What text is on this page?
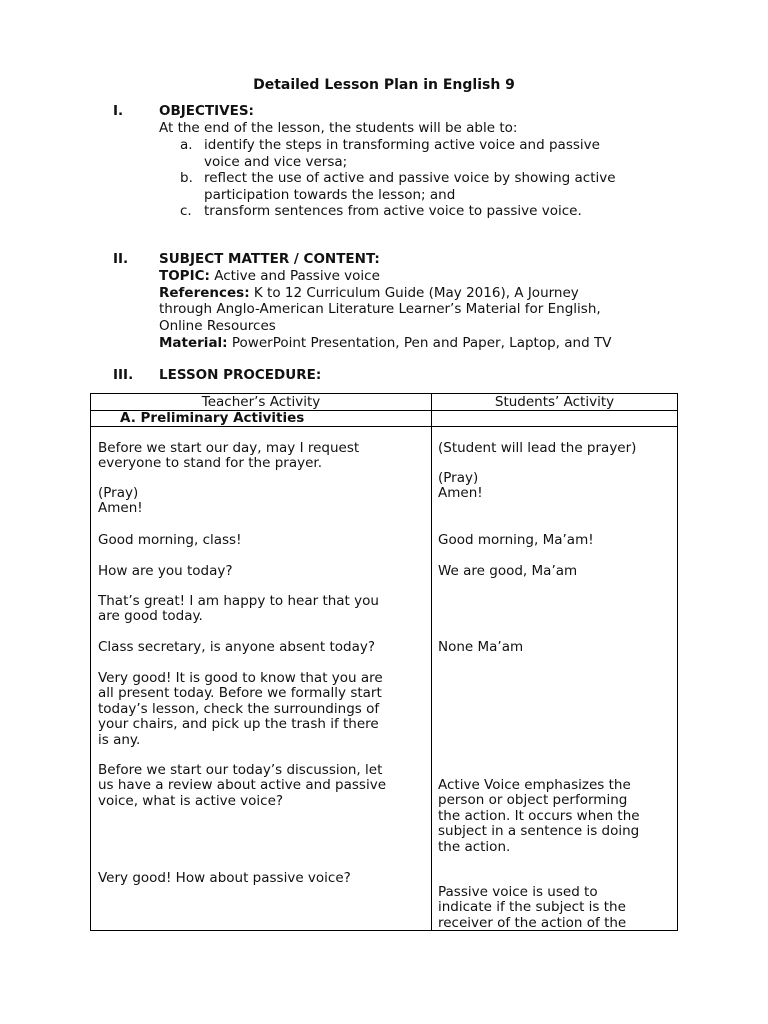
Detailed Lesson Plan in English 9
I.	OBJECTIVES:
At the end of the lesson, the students will be able to:
a. identify the steps in transforming active voice and passive
voice and vice versa;
b. reflect the use of active and passive voice by showing active
participation towards the lesson; and
c. transform sentences from active voice to passive voice.
II. SUBJECT MATTER / CONTENT:
TOPIC: Active and Passive voice
References: K to 12 Curriculum Guide (May 2016), A Journey
through Anglo-American Literature Learner’s Material for English,
Online Resources
Material: PowerPoint Presentation, Pen and Paper, Laptop, and TV
III. LESSON PROCEDURE:
Teacher’s Activity	Students’ Activity
A. Preliminary Activities
Before we start our day, may I request
everyone to stand for the prayer.
(Pray)
Amen!
Good morning, class!
How are you today?
That’s great! I am happy to hear that you
are good today.
Class secretary, is anyone absent today?
Very good! It is good to know that you are
all present today. Before we formally start
today’s lesson, check the surroundings of
your chairs, and pick up the trash if there
is any.
Before we start our today’s discussion, let
us have a review about active and passive
voice, what is active voice?
Very good! How about passive voice?
(Student will lead the prayer)
(Pray)
Amen!
Good morning, Ma’am!
We are good, Ma’am
None Ma’am
Active Voice emphasizes the
person or object performing
the action. It occurs when the
subject in a sentence is doing
the action.
Passive voice is used to
indicate if the subject is the
receiver of the action of the
